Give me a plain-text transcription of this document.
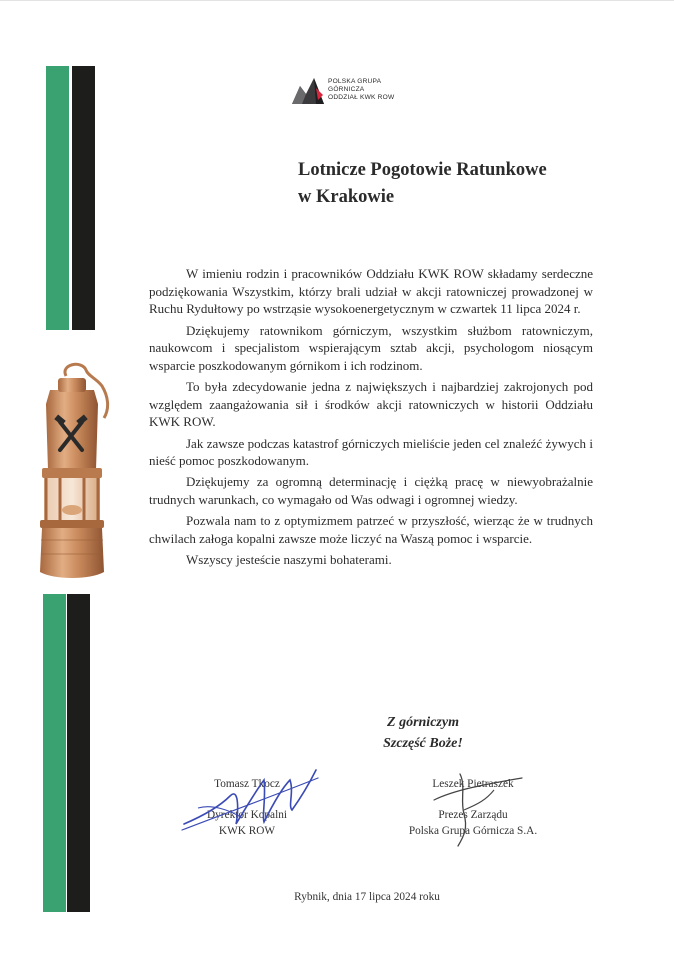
POLSKA GRUPA
GÓRNICZA
ODDZIAŁ KWK ROW
Lotnicze Pogotowie Ratunkowe
w Krakowie

W imieniu rodzin i pracowników Oddziału KWK ROW składamy serdeczne podziękowania Wszystkim, którzy brali udział w akcji ratowniczej prowadzonej w Ruchu Rydułtowy po wstrząsie wysokoenergetycznym w czwartek 11 lipca 2024 r.

Dziękujemy ratownikom górniczym, wszystkim służbom ratowniczym, naukowcom i specjalistom wspierającym sztab akcji, psychologom niosącym wsparcie poszkodowanym górnikom i ich rodzinom.

To była zdecydowanie jedna z największych i najbardziej zakrojonych pod względem zaangażowania sił i środków akcji ratowniczych w historii Oddziału KWK ROW.

Jak zawsze podczas katastrof górniczych mieliście jeden cel znaleźć żywych i nieść pomoc poszkodowanym.

Dziękujemy za ogromną determinację i ciężką pracę w niewyobrażalnie trudnych warunkach, co wymagało od Was odwagi i ogromnej wiedzy.

Pozwala nam to z optymizmem patrzeć w przyszłość, wierząc że w trudnych chwilach załoga kopalni zawsze może liczyć na Waszą pomoc i wsparcie.

Wszyscy jesteście naszymi bohaterami.

Z górniczym
Szczęść Boże!
Tomasz Tkocz
Dyrektor Kopalni
KWK ROW
Leszek Pietraszek
Prezes Zarządu
Polska Grupa Górnicza S.A.
Rybnik, dnia 17 lipca 2024 roku
